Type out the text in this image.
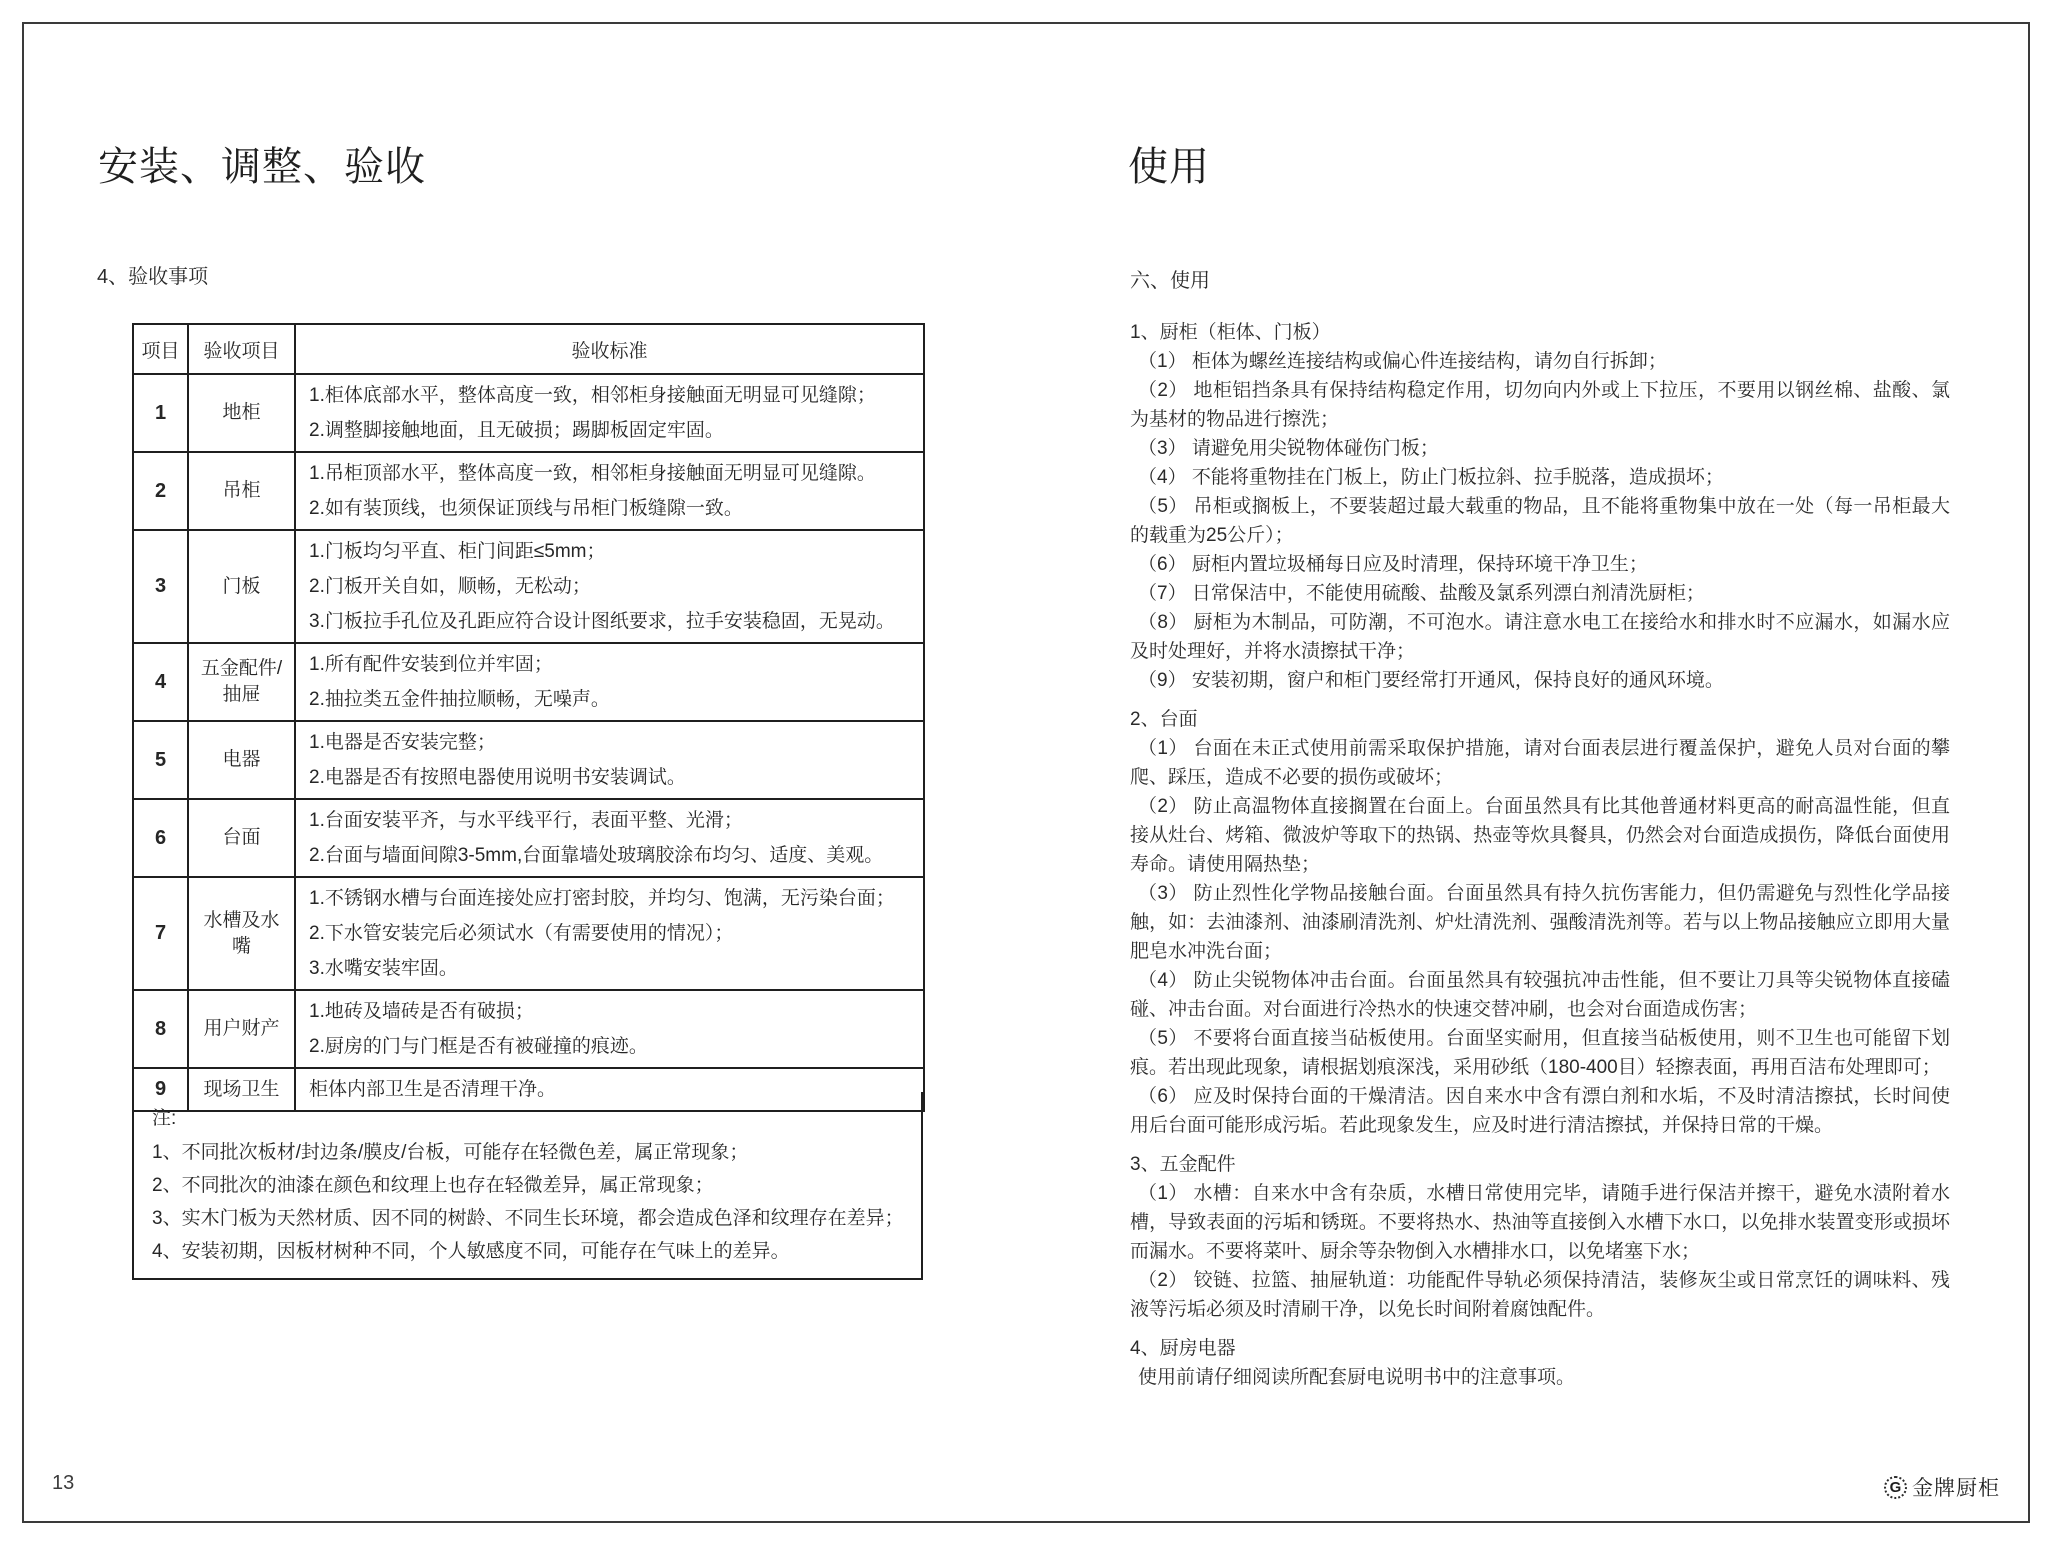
安装、调整、验收
4、验收事项
项目	验收项目	验收标准
1	地柜	1.柜体底部水平，整体高度一致，相邻柜身接触面无明显可见缝隙；
2.调整脚接触地面，且无破损；踢脚板固定牢固。

2	吊柜	1.吊柜顶部水平，整体高度一致，相邻柜身接触面无明显可见缝隙。
2.如有装顶线，也须保证顶线与吊柜门板缝隙一致。

3	门板	1.门板均匀平直、柜门间距≤5mm；
2.门板开关自如，顺畅，无松动；
3.门板拉手孔位及孔距应符合设计图纸要求，拉手安装稳固，无晃动。

4	五金配件/抽屉	1.所有配件安装到位并牢固；
2.抽拉类五金件抽拉顺畅，无噪声。

5	电器	1.电器是否安装完整；
2.电器是否有按照电器使用说明书安装调试。

6	台面	1.台面安装平齐，与水平线平行，表面平整、光滑；
2.台面与墙面间隙3-5mm,台面靠墙处玻璃胶涂布均匀、适度、美观。

7	水槽及水嘴	1.不锈钢水槽与台面连接处应打密封胶，并均匀、饱满，无污染台面；
2.下水管安装完后必须试水（有需要使用的情况）；
3.水嘴安装牢固。

8	用户财产	1.地砖及墙砖是否有破损；
2.厨房的门与门框是否有被碰撞的痕迹。

9	现场卫生	柜体内部卫生是否清理干净。
注:
1、不同批次板材/封边条/膜皮/台板，可能存在轻微色差，属正常现象；
2、不同批次的油漆在颜色和纹理上也存在轻微差异，属正常现象；
3、实木门板为天然材质、因不同的树龄、不同生长环境，都会造成色泽和纹理存在差异；
4、安装初期，因板材树种不同，个人敏感度不同，可能存在气味上的差异。
使用
六、使用
1、厨柜（柜体、门板）

（1） 柜体为螺丝连接结构或偏心件连接结构，请勿自行拆卸；

（2） 地柜铝挡条具有保持结构稳定作用，切勿向内外或上下拉压，不要用以钢丝棉、盐酸、氯为基材的物品进行擦洗；

（3） 请避免用尖锐物体碰伤门板；

（4） 不能将重物挂在门板上，防止门板拉斜、拉手脱落，造成损坏；

（5） 吊柜或搁板上，不要装超过最大载重的物品，且不能将重物集中放在一处（每一吊柜最大的载重为25公斤）；

（6） 厨柜内置垃圾桶每日应及时清理，保持环境干净卫生；

（7） 日常保洁中，不能使用硫酸、盐酸及氯系列漂白剂清洗厨柜；

（8） 厨柜为木制品，可防潮，不可泡水。请注意水电工在接给水和排水时不应漏水，如漏水应及时处理好，并将水渍擦拭干净；

（9） 安装初期，窗户和柜门要经常打开通风，保持良好的通风环境。

2、台面

（1） 台面在未正式使用前需采取保护措施，请对台面表层进行覆盖保护，避免人员对台面的攀爬、踩压，造成不必要的损伤或破坏；

（2） 防止高温物体直接搁置在台面上。台面虽然具有比其他普通材料更高的耐高温性能，但直接从灶台、烤箱、微波炉等取下的热锅、热壶等炊具餐具，仍然会对台面造成损伤，降低台面使用寿命。请使用隔热垫；

（3） 防止烈性化学物品接触台面。台面虽然具有持久抗伤害能力，但仍需避免与烈性化学品接触，如：去油漆剂、油漆刷清洗剂、炉灶清洗剂、强酸清洗剂等。若与以上物品接触应立即用大量肥皂水冲洗台面；

（4） 防止尖锐物体冲击台面。台面虽然具有较强抗冲击性能，但不要让刀具等尖锐物体直接磕碰、冲击台面。对台面进行冷热水的快速交替冲刷，也会对台面造成伤害；

（5） 不要将台面直接当砧板使用。台面坚实耐用，但直接当砧板使用，则不卫生也可能留下划痕。若出现此现象，请根据划痕深浅，采用砂纸（180-400目）轻擦表面，再用百洁布处理即可；

（6） 应及时保持台面的干燥清洁。因自来水中含有漂白剂和水垢，不及时清洁擦拭，长时间使用后台面可能形成污垢。若此现象发生，应及时进行清洁擦拭，并保持日常的干燥。

3、五金配件

（1） 水槽：自来水中含有杂质，水槽日常使用完毕，请随手进行保洁并擦干，避免水渍附着水槽，导致表面的污垢和锈斑。不要将热水、热油等直接倒入水槽下水口，以免排水装置变形或损坏而漏水。不要将菜叶、厨余等杂物倒入水槽排水口，以免堵塞下水；

（2） 铰链、拉篮、抽屉轨道：功能配件导轨必须保持清洁，装修灰尘或日常烹饪的调味料、残液等污垢必须及时清刷干净，以免长时间附着腐蚀配件。

4、厨房电器

使用前请仔细阅读所配套厨电说明书中的注意事项。

13	G 金牌厨柜
